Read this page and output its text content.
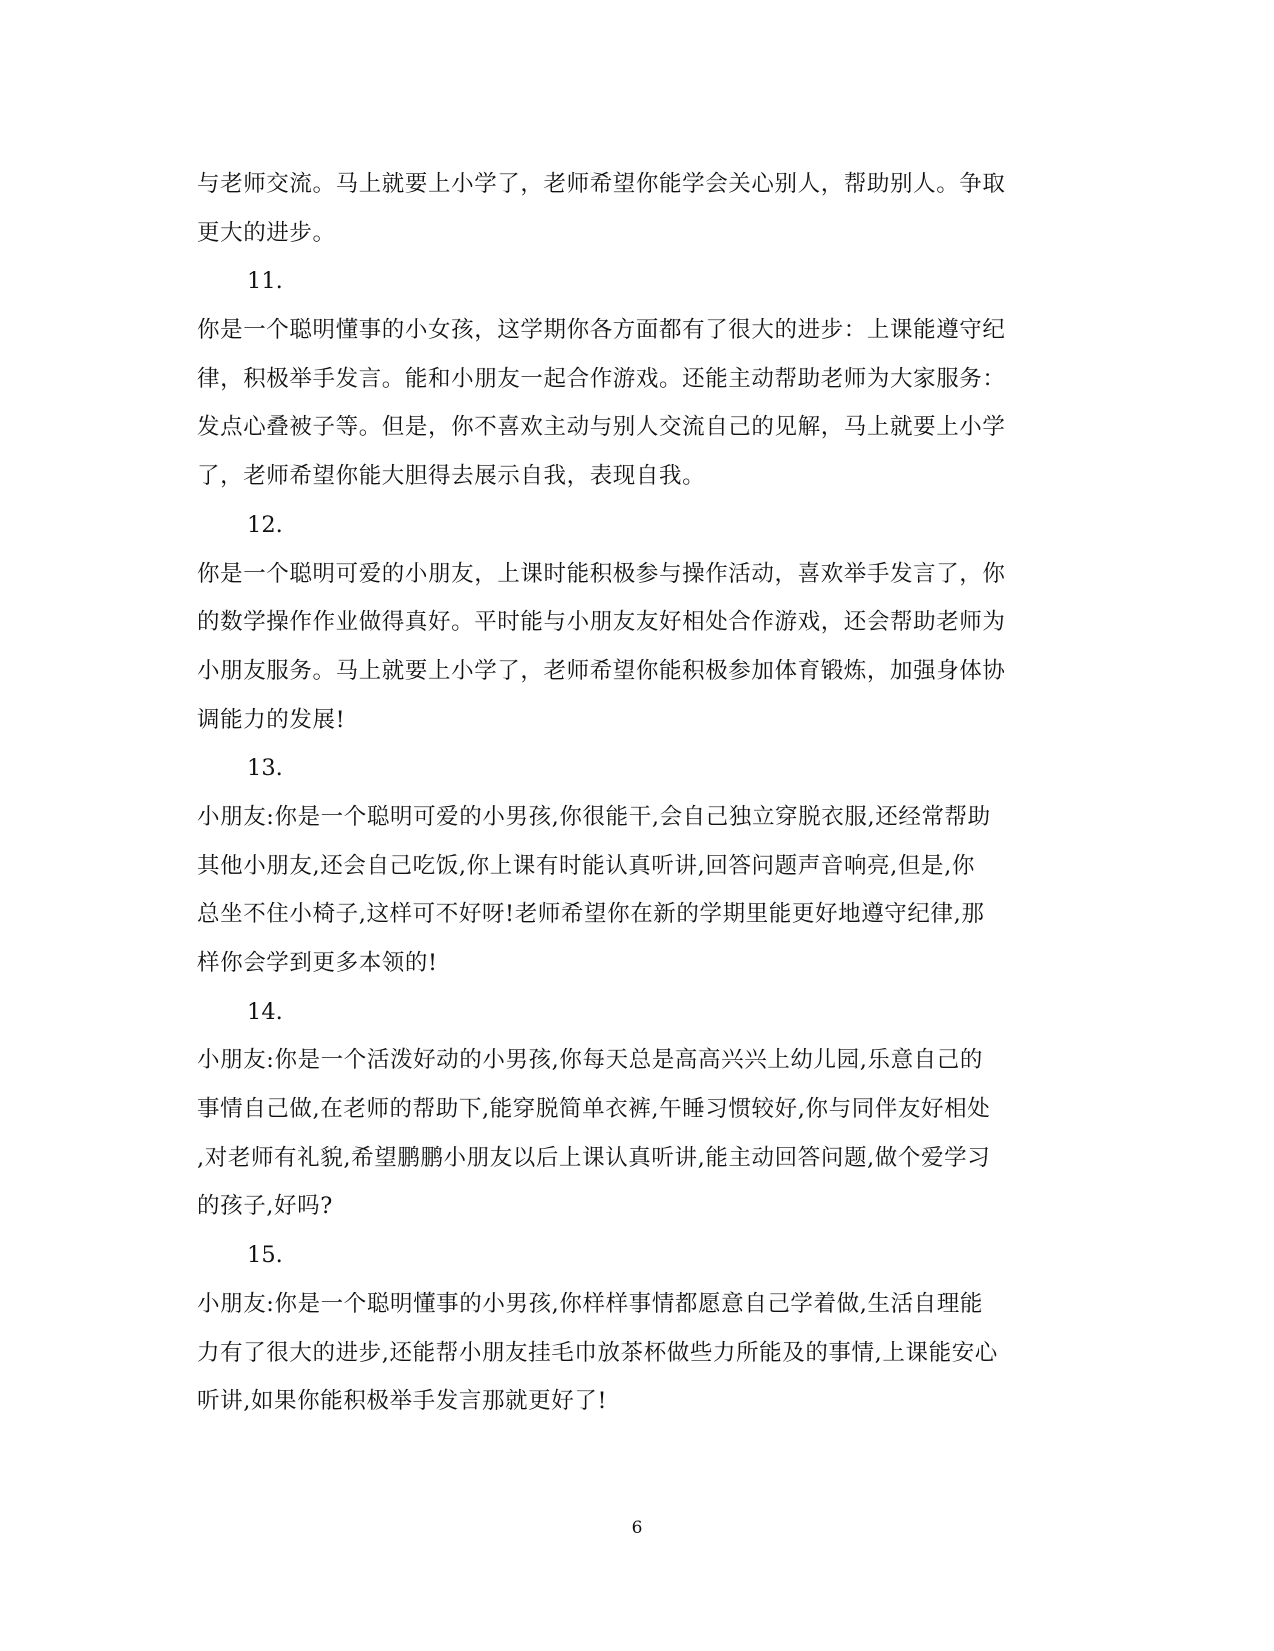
与老师交流。马上就要上小学了，老师希望你能学会关心别人，帮助别人。争取
更大的进步。
11.
你是一个聪明懂事的小女孩，这学期你各方面都有了很大的进步：上课能遵守纪
律，积极举手发言。能和小朋友一起合作游戏。还能主动帮助老师为大家服务：
发点心叠被子等。但是，你不喜欢主动与别人交流自己的见解，马上就要上小学
了，老师希望你能大胆得去展示自我，表现自我。
12.
你是一个聪明可爱的小朋友，上课时能积极参与操作活动，喜欢举手发言了，你
的数学操作作业做得真好。平时能与小朋友友好相处合作游戏，还会帮助老师为
小朋友服务。马上就要上小学了，老师希望你能积极参加体育锻炼，加强身体协
调能力的发展!
13.
小朋友:你是一个聪明可爱的小男孩,你很能干,会自己独立穿脱衣服,还经常帮助
其他小朋友,还会自己吃饭,你上课有时能认真听讲,回答问题声音响亮,但是,你
总坐不住小椅子,这样可不好呀!老师希望你在新的学期里能更好地遵守纪律,那
样你会学到更多本领的!
14.
小朋友:你是一个活泼好动的小男孩,你每天总是高高兴兴上幼儿园,乐意自己的
事情自己做,在老师的帮助下,能穿脱简单衣裤,午睡习惯较好,你与同伴友好相处
,对老师有礼貌,希望鹏鹏小朋友以后上课认真听讲,能主动回答问题,做个爱学习
的孩子,好吗?
15.
小朋友:你是一个聪明懂事的小男孩,你样样事情都愿意自己学着做,生活自理能
力有了很大的进步,还能帮小朋友挂毛巾放茶杯做些力所能及的事情,上课能安心
听讲,如果你能积极举手发言那就更好了!
6
